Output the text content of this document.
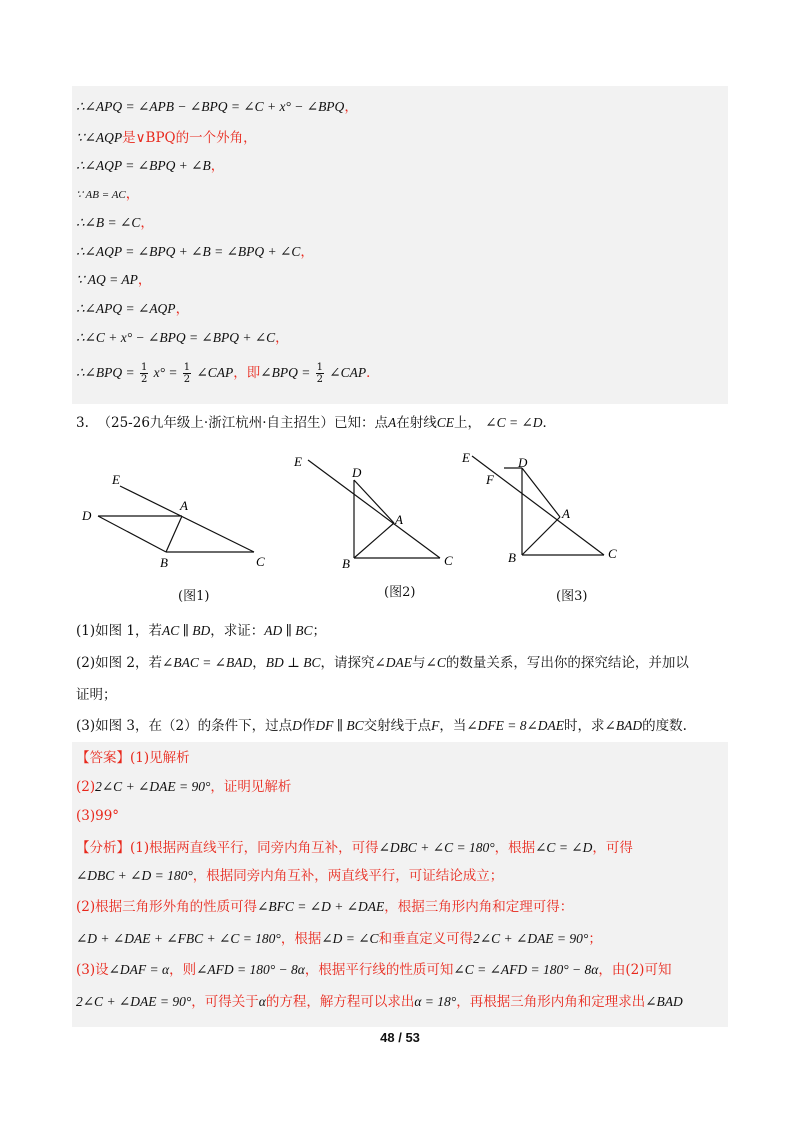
∴∠APQ = ∠APB − ∠BPQ = ∠C + x° − ∠BPQ，
∵∠AQP是∨BPQ的一个外角，
∴∠AQP = ∠BPQ + ∠B，
∵ AB = AC，
∴∠B = ∠C，
∴∠AQP = ∠BPQ + ∠B = ∠BPQ + ∠C，
∵ AQ = AP，
∴∠APQ = ∠AQP，
∴∠C + x° − ∠BPQ = ∠BPQ + ∠C，
∴∠BPQ = $\frac{1}{2} x^\circ = \frac{1}{2}$ ∠CAP，即∠BPQ = $\frac{1}{2}$ ∠CAP．
3. （25-26九年级上·浙江杭州·自主招生）已知：点A在射线CE上， ∠C = ∠D．
E
D
A
B	C
(图1)
E
D
A
B	C
(图2)
E	D
F
A
B	C
(图3)
(1)如图 1，若AC ∥ BD，求证：AD ∥ BC；
(2)如图 2，若∠BAC = ∠BAD，BD ⊥ BC，请探究∠DAE与∠C的数量关系，写出你的探究结论，并加以
证明；
(3)如图 3，在（2）的条件下，过点D作DF ∥ BC交射线于点F，当∠DFE = 8∠DAE时，求∠BAD的度数.
【答案】(1)见解析
(2)2∠C + ∠DAE = 90°，证明见解析
(3)99°
【分析】(1)根据两直线平行，同旁内角互补，可得∠DBC + ∠C = 180°，根据∠C = ∠D，可得
∠DBC + ∠D = 180°，根据同旁内角互补，两直线平行，可证结论成立；
(2)根据三角形外角的性质可得∠BFC = ∠D + ∠DAE，根据三角形内角和定理可得：
∠D + ∠DAE + ∠FBC + ∠C = 180°，根据∠D = ∠C和垂直定义可得2∠C + ∠DAE = 90°；
(3)设∠DAF = α，则∠AFD = 180° − 8α，根据平行线的性质可知∠C = ∠AFD = 180° − 8α，由(2)可知
2∠C + ∠DAE = 90°，可得关于α的方程，解方程可以求出α = 18°，再根据三角形内角和定理求出∠BAD
48 / 53
